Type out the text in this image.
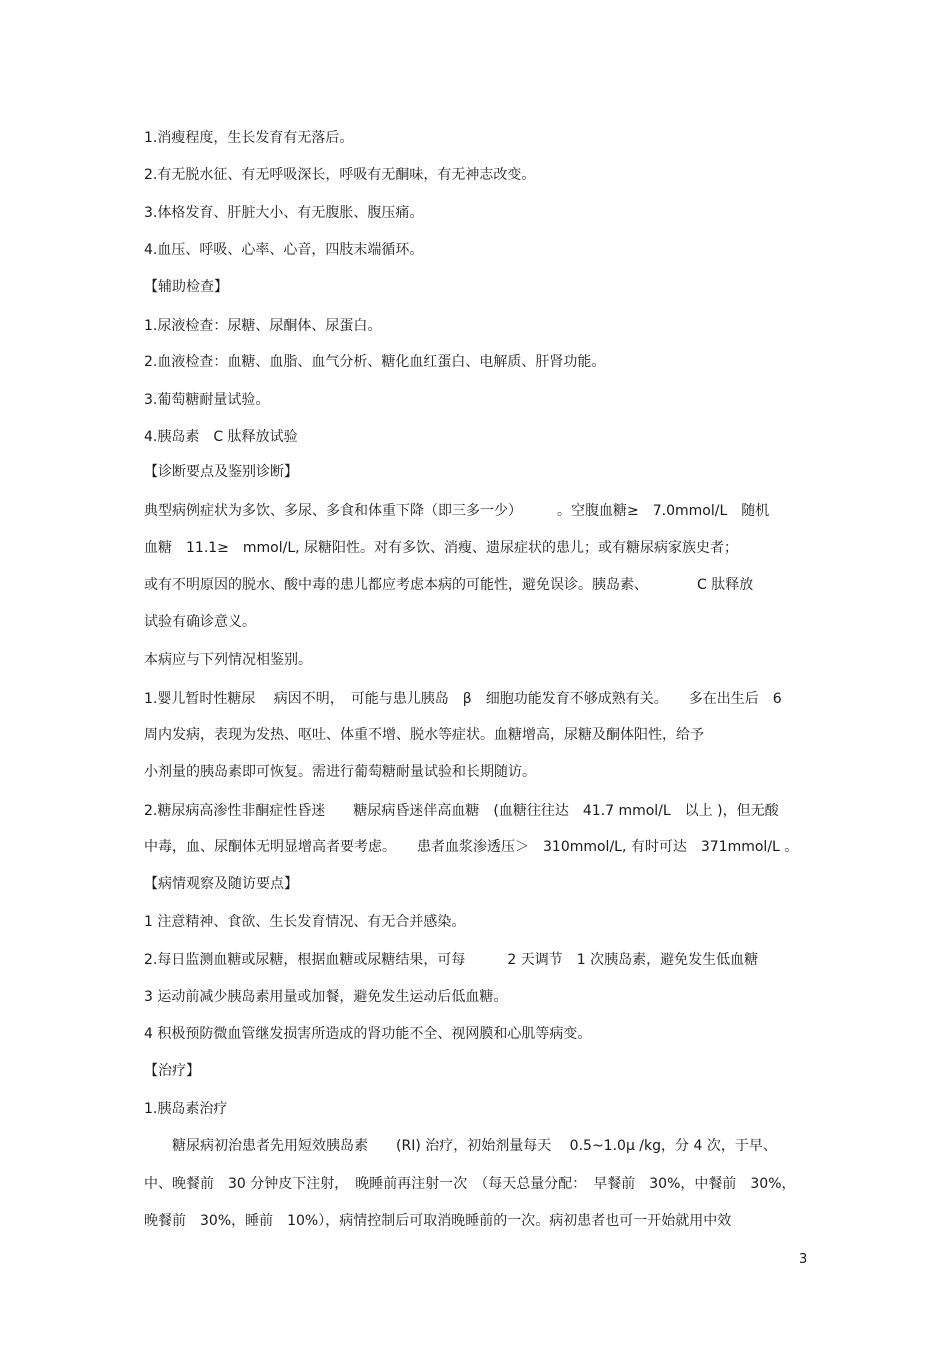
1.消瘦程度，生长发育有无落后。
2.有无脱水征、有无呼吸深长，呼吸有无酮味，有无神志改变。
3.体格发育、肝脏大小、有无腹胀、腹压痛。
4.血压、呼吸、心率、心音，四肢末端循环。
【辅助检查】
1.尿液检查：尿糖、尿酮体、尿蛋白。
2.血液检查：血糖、血脂、血气分析、糖化血红蛋白、电解质、肝肾功能。
3.葡萄糖耐量试验。
4.胰岛素　C 肽释放试验
【诊断要点及鉴别诊断】
典型病例症状为多饮、多尿、多食和体重下降（即三多一少）　　　。空腹血糖≥　7.0mmol/L　随机
血糖　11.1≥　mmol/L, 尿糖阳性。对有多饮、消瘦、遗尿症状的患儿；或有糖尿病家族史者；
或有不明原因的脱水、酸中毒的患儿都应考虑本病的可能性，避免误诊。胰岛素、　　　　C 肽释放
试验有确诊意义。
本病应与下列情况相鉴别。
1.婴儿暂时性糖尿　 病因不明，　可能与患儿胰岛　β　细胞功能发育不够成熟有关。　　多在出生后　6
周内发病，表现为发热、呕吐、体重不增、脱水等症状。血糖增高，尿糖及酮体阳性，给予
小剂量的胰岛素即可恢复。需进行葡萄糖耐量试验和长期随访。
2.糖尿病高渗性非酮症性昏迷　　糖尿病昏迷伴高血糖　(血糖往往达　41.7 mmol/L　以上 )，但无酸
中毒，血、尿酮体无明显增高者要考虑。　　患者血浆渗透压＞　310mmol/L, 有时可达　371mmol/L 。
【病情观察及随访要点】
1 注意精神、食欲、生长发育情况、有无合并感染。
2.每日监测血糖或尿糖，根据血糖或尿糖结果，可每　　　2 天调节　1 次胰岛素，避免发生低血糖
3 运动前减少胰岛素用量或加餐，避免发生运动后低血糖。
4 积极预防微血管继发损害所造成的肾功能不全、视网膜和心肌等病变。
【治疗】
1.胰岛素治疗
　　糖尿病初治患者先用短效胰岛素　　(RI) 治疗，初始剂量每天　 0.5~1.0μ /kg，分 4 次，于早、
中、晚餐前　30 分钟皮下注射，　晚睡前再注射一次　（每天总量分配：　早餐前　30%，中餐前　30%，
晚餐前　30%，睡前　10%），病情控制后可取消晚睡前的一次。病初患者也可一开始就用中效
3
